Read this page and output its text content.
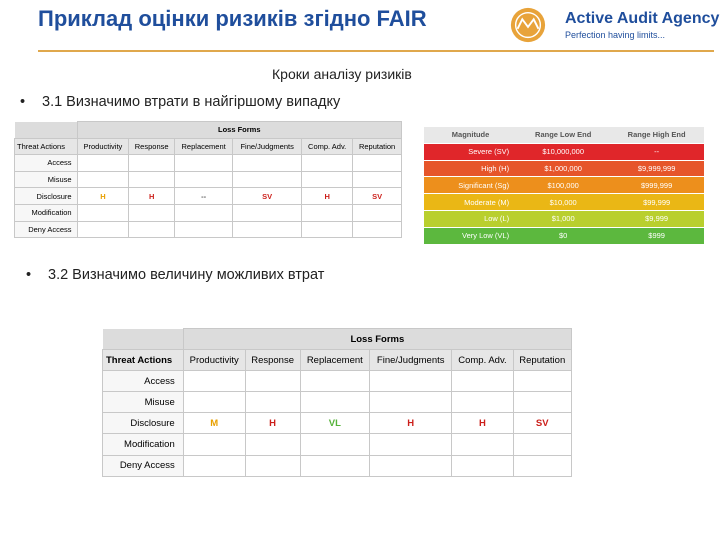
Приклад оцінки ризиків згідно FAIR	Active Audit Agency
Perfection having limits...
Кроки аналізу ризиків
• 3.1 Визначимо втрати в найгіршому випадку
	Loss Forms					
Threat Actions	Productivity	Response	Replacement	Fine/Judgments	Comp. Adv.	Reputation
Access						
Misuse						
Disclosure	H	H	--	SV	H	SV
Modification						
Deny Access						
Magnitude	Range Low End	Range High End
Severe (SV)	$10,000,000	--
High (H)	$1,000,000	$9,999,999
Significant (Sg)	$100,000	$999,999
Moderate (M)	$10,000	$99,999
Low (L)	$1,000	$9,999
Very Low (VL)	$0	$999
• 3.2 Визначимо величину можливих втрат
	Loss Forms					
Threat Actions	Productivity	Response	Replacement	Fine/Judgments	Comp. Adv.	Reputation
Access						
Misuse						
Disclosure	M	H	VL	H	H	SV
Modification						
Deny Access						
